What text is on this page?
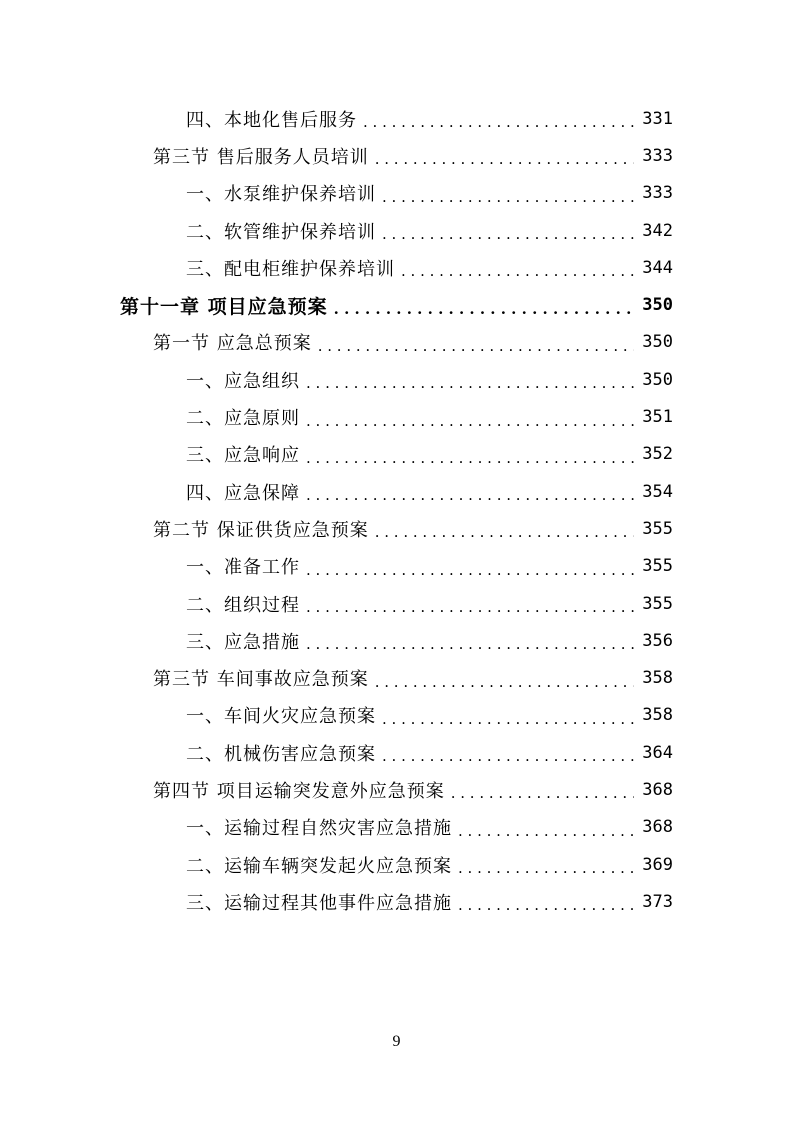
四、本地化售后服务 . . .	331
第三节 售后服务人员培训 . . .	333
一、水泵维护保养培训 . . .	333
二、软管维护保养培训 . . .	342
三、配电柜维护保养培训 . . .	344
第十一章 项目应急预案 . . .	350
第一节 应急总预案 . . .	350
一、应急组织 . . .	350
二、应急原则 . . .	351
三、应急响应 . . .	352
四、应急保障 . . .	354
第二节 保证供货应急预案 . . .	355
一、准备工作 . . .	355
二、组织过程 . . .	355
三、应急措施 . . .	356
第三节 车间事故应急预案 . . .	358
一、车间火灾应急预案 . . .	358
二、机械伤害应急预案 . . .	364
第四节 项目运输突发意外应急预案 . . .	368
一、运输过程自然灾害应急措施 . . .	368
二、运输车辆突发起火应急预案 . . .	369
三、运输过程其他事件应急措施 . . .	373
9
